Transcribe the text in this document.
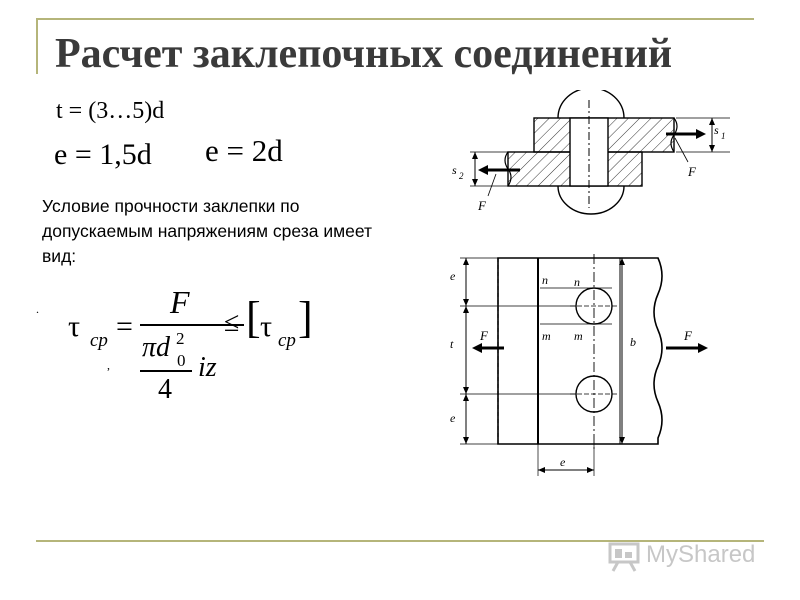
Расчет заклепочных соединений
t = (3…5)d
e = 1,5d e = 2d
Условие прочности заклепки по допускаемым напряжениям среза имеет вид:
.
,
τ ср =
F
πd 2
0
4
iz
≤ [ τ ср ]
s 1
s 2	F
F
e
t
e
b
e
n n
m m
F	F
MyShared
